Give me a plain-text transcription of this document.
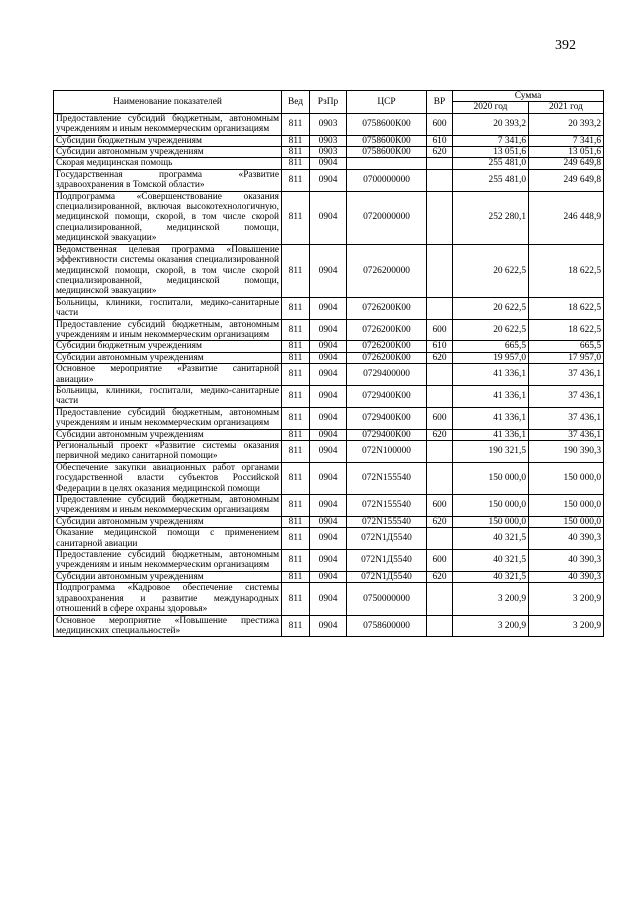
392
Наименование показателей	Вед	РзПр	ЦСР	ВР	Сумма	
					2020 год	2021 год
Предоставление субсидий бюджетным, автономным учреждениям и иным некоммерческим организациям	811	0903	0758600К00	600	20 393,2	20 393,2
Субсидии бюджетным учреждениям	811	0903	0758600К00	610	7 341,6	7 341,6
Субсидии автономным учреждениям	811	0903	0758600К00	620	13 051,6	13 051,6
Скорая медицинская помощь	811	0904			255 481,0	249 649,8
Государственная программа «Развитие здравоохранения в Томской области»	811	0904	0700000000		255 481,0	249 649,8
Подпрограмма «Совершенствование оказания специализированной, включая высокотехнологичную, медицинской помощи, скорой, в том числе скорой специализированной, медицинской помощи, медицинской эвакуации»	811	0904	0720000000		252 280,1	246 448,9
Ведомственная целевая программа «Повышение эффективности системы оказания специализированной медицинской помощи, скорой, в том числе скорой специализированной, медицинской помощи, медицинской эвакуации»	811	0904	0726200000		20 622,5	18 622,5
Больницы, клиники, госпитали, медико-санитарные части	811	0904	0726200К00		20 622,5	18 622,5
Предоставление субсидий бюджетным, автономным учреждениям и иным некоммерческим организациям	811	0904	0726200К00	600	20 622,5	18 622,5
Субсидии бюджетным учреждениям	811	0904	0726200К00	610	665,5	665,5
Субсидии автономным учреждениям	811	0904	0726200К00	620	19 957,0	17 957,0
Основное мероприятие «Развитие санитарной авиации»	811	0904	0729400000		41 336,1	37 436,1
Больницы, клиники, госпитали, медико-санитарные части	811	0904	0729400К00		41 336,1	37 436,1
Предоставление субсидий бюджетным, автономным учреждениям и иным некоммерческим организациям	811	0904	0729400К00	600	41 336,1	37 436,1
Субсидии автономным учреждениям	811	0904	0729400К00	620	41 336,1	37 436,1
Региональный проект «Развитие системы оказания первичной медико санитарной помощи»	811	0904	072N100000		190 321,5	190 390,3
Обеспечение закупки авиационных работ органами государственной власти субъектов Российской Федерации в целях оказания медицинской помощи	811	0904	072N155540		150 000,0	150 000,0
Предоставление субсидий бюджетным, автономным учреждениям и иным некоммерческим организациям	811	0904	072N155540	600	150 000,0	150 000,0
Субсидии автономным учреждениям	811	0904	072N155540	620	150 000,0	150 000,0
Оказание медицинской помощи с применением санитарной авиации	811	0904	072N1Д5540		40 321,5	40 390,3
Предоставление субсидий бюджетным, автономным учреждениям и иным некоммерческим организациям	811	0904	072N1Д5540	600	40 321,5	40 390,3
Субсидии автономным учреждениям	811	0904	072N1Д5540	620	40 321,5	40 390,3
Подпрограмма «Кадровое обеспечение системы здравоохранения и развитие международных отношений в сфере охраны здоровья»	811	0904	0750000000		3 200,9	3 200,9
Основное мероприятие «Повышение престижа медицинских специальностей»	811	0904	0758600000		3 200,9	3 200,9
